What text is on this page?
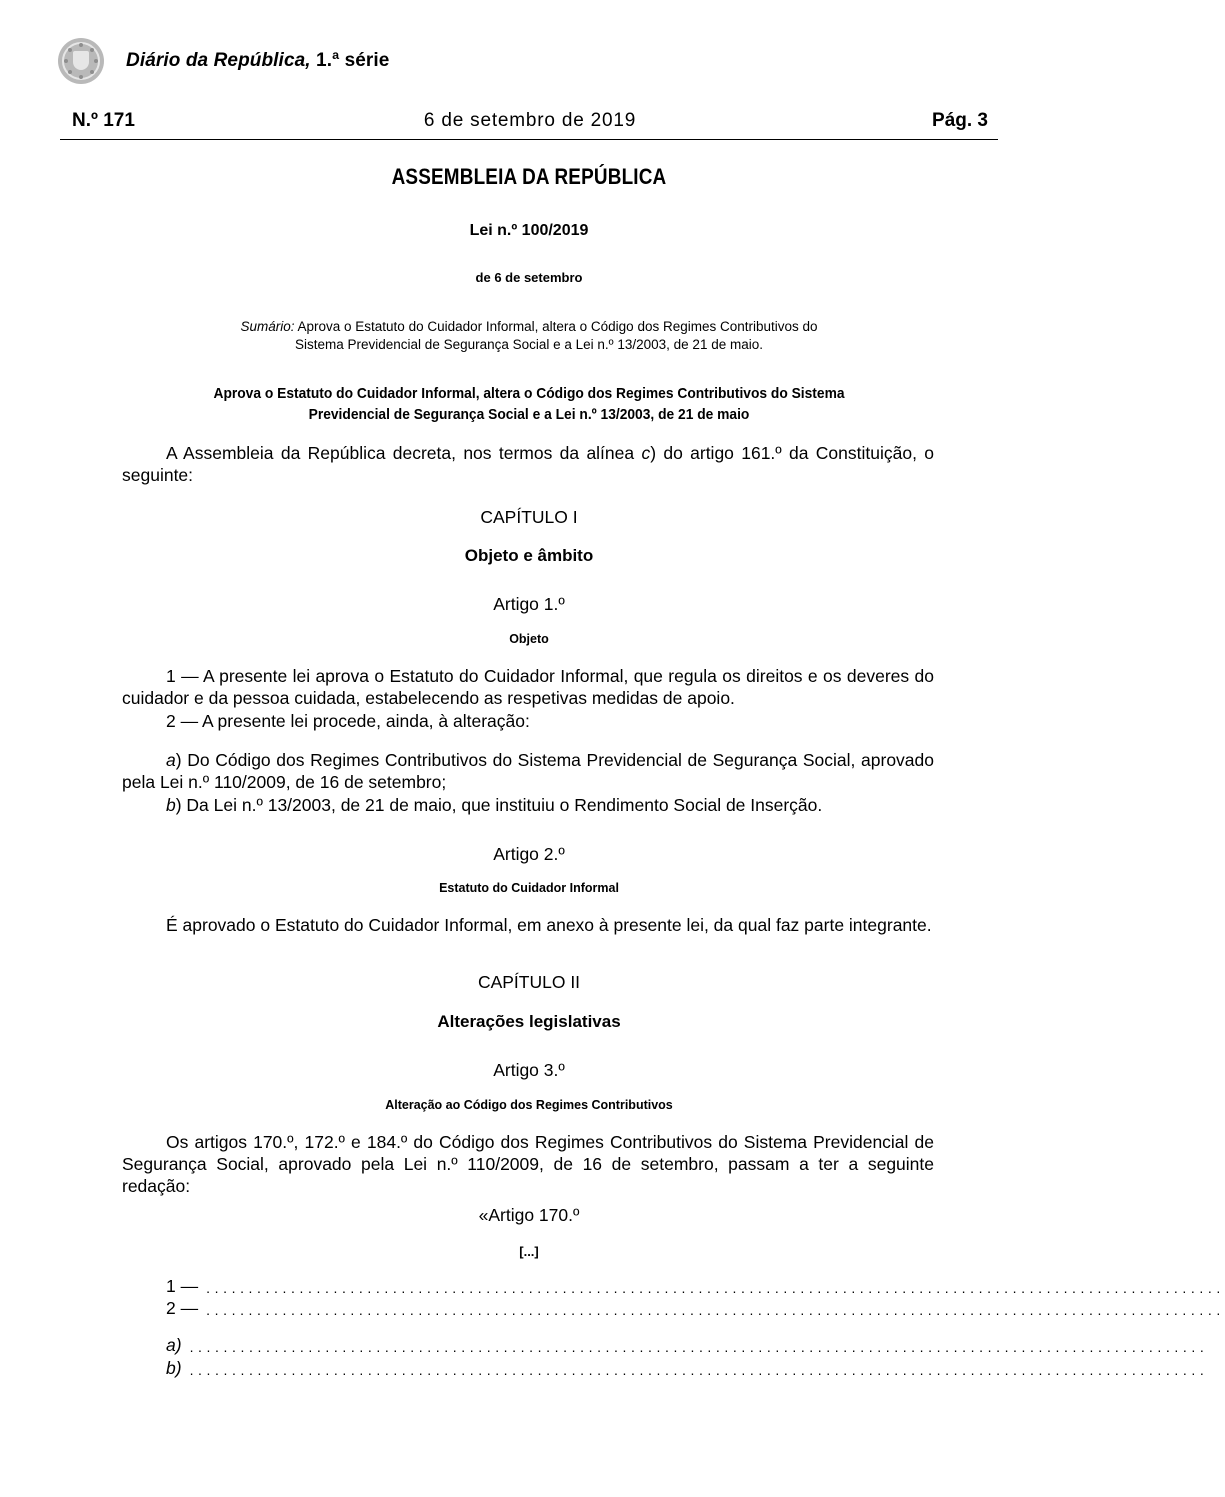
Diário da República, 1.ª série
N.º 171	6 de setembro de 2019	Pág. 3
ASSEMBLEIA DA REPÚBLICA
Lei n.º 100/2019
de 6 de setembro
Sumário: Aprova o Estatuto do Cuidador Informal, altera o Código dos Regimes Contributivos do
Sistema Previdencial de Segurança Social e a Lei n.º 13/2003, de 21 de maio.
Aprova o Estatuto do Cuidador Informal, altera o Código dos Regimes Contributivos do Sistema
Previdencial de Segurança Social e a Lei n.º 13/2003, de 21 de maio
A Assembleia da República decreta, nos termos da alínea c) do artigo 161.º da Constituição, o seguinte:
CAPÍTULO I
Objeto e âmbito
Artigo 1.º
Objeto
1 — A presente lei aprova o Estatuto do Cuidador Informal, que regula os direitos e os deveres do cuidador e da pessoa cuidada, estabelecendo as respetivas medidas de apoio.
2 — A presente lei procede, ainda, à alteração:
a) Do Código dos Regimes Contributivos do Sistema Previdencial de Segurança Social, aprovado pela Lei n.º 110/2009, de 16 de setembro;
b) Da Lei n.º 13/2003, de 21 de maio, que instituiu o Rendimento Social de Inserção.
Artigo 2.º
Estatuto do Cuidador Informal
É aprovado o Estatuto do Cuidador Informal, em anexo à presente lei, da qual faz parte integrante.
CAPÍTULO II
Alterações legislativas
Artigo 3.º
Alteração ao Código dos Regimes Contributivos
Os artigos 170.º, 172.º e 184.º do Código dos Regimes Contributivos do Sistema Previdencial de Segurança Social, aprovado pela Lei n.º 110/2009, de 16 de setembro, passam a ter a seguinte redação:
«Artigo 170.º
[...]
1 — ........................................................................................................................
2 — ........................................................................................................................
a) ........................................................................................................................
b) ........................................................................................................................
